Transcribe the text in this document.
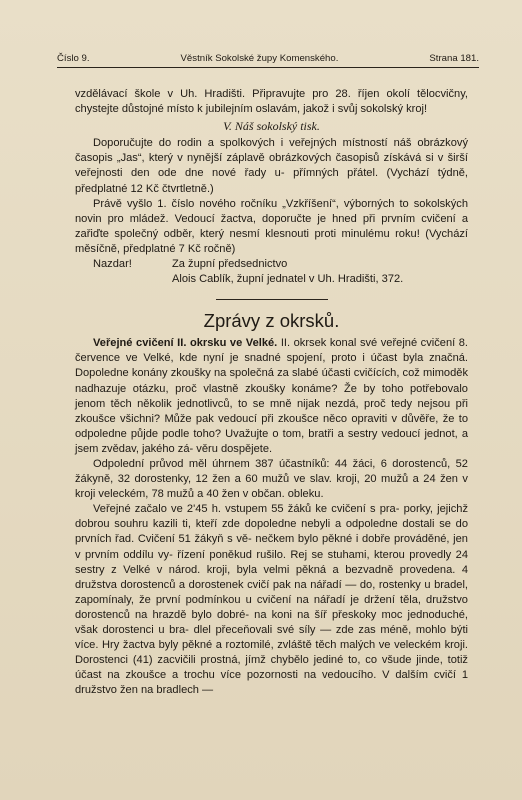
Číslo 9.	Věstník Sokolské župy Komenského.	Strana 181.

vzdělávací škole v Uh. Hradišti. Připravujte pro 28. říjen okolí tělocvičny, chystejte důstojné místo k jubilejním oslavám, jakož i svůj sokolský kroj!

V. Náš sokolský tisk.

Doporučujte do rodin a spolkových i veřejných místností náš obrázkový časopis „Jas“, který v nynější záplavě obrázkových časopisů získává si v širší veřejnosti den ode dne nové řady u- přímných přátel. (Vychází týdně, předplatné 12 Kč čtvrtletně.)

Právě vyšlo 1. číslo nového ročníku „Vzkříšení“, výborných to sokolských novin pro mládež. Vedoucí žactva, doporučte je hned při prvním cvičení a zařiďte společný odběr, který nesmí klesnouti proti minulému roku! (Vychází měsíčně, předplatné 7 Kč ročně)

Nazdar!	Za župní předsednictvo

Alois Cablík, župní jednatel v Uh. Hradišti, 372.

Zprávy z okrsků.

Veřejné cvičení II. okrsku ve Velké. II. okrsek konal své veřejné cvičení 8. července ve Velké, kde nyní je snadné spojení, proto i účast byla značná. Dopoledne konány zkoušky na společná za slabé účasti cvičících, což mimoděk nadhazuje otázku, proč vlastně zkoušky konáme? Že by toho potřebovalo jenom těch několik jednotlivců, to se mně nijak nezdá, proč tedy nejsou při zkoušce všichni? Může pak vedoucí při zkoušce něco opraviti v důvěře, že to odpoledne půjde podle toho? Uvažujte o tom, bratři a sestry vedoucí jednot, a jsem zvědav, jakého zá- věru dospějete.

Odpolední průvod měl úhrnem 387 účastníků: 44 žáci, 6 dorostenců, 52 žákyně, 32 dorostenky, 12 žen a 60 mužů ve slav. kroji, 20 mužů a 24 žen v kroji veleckém, 78 mužů a 40 žen v občan. obleku.

Veřejné začalo ve 2'45 h. vstupem 55 žáků ke cvičení s pra- porky, jejichž dobrou souhru kazili ti, kteří zde dopoledne nebyli a odpoledne dostali se do prvních řad. Cvičení 51 žákyň s vě- nečkem bylo pěkné i dobře prováděné, jen v prvním oddílu vy- řízení poněkud rušilo. Rej se stuhami, kterou provedly 24 sestry z Velké v národ. kroji, byla velmi pěkná a bezvadně provedena. 4 družstva dorostenců a dorostenek cvičí pak na nářadí — do, rostenky u bradel, zapomínaly, že první podmínkou u cvičení na nářadí je držení těla, družstvo dorostenců na hrazdě bylo dobré- na koni na šíř přeskoky moc jednoduché, však dorostenci u bra- dlel přeceňovali své síly — zde zas méně, mohlo býti více. Hry žactva byly pěkné a roztomilé, zvláště těch malých ve veleckém kroji. Dorostenci (41) zacvičili prostná, jímž chybělo jediné to, co všude jinde, totiž účast na zkoušce a trochu více pozornosti na vedoucího. V dalším cvičí 1 družstvo žen na bradlech —
